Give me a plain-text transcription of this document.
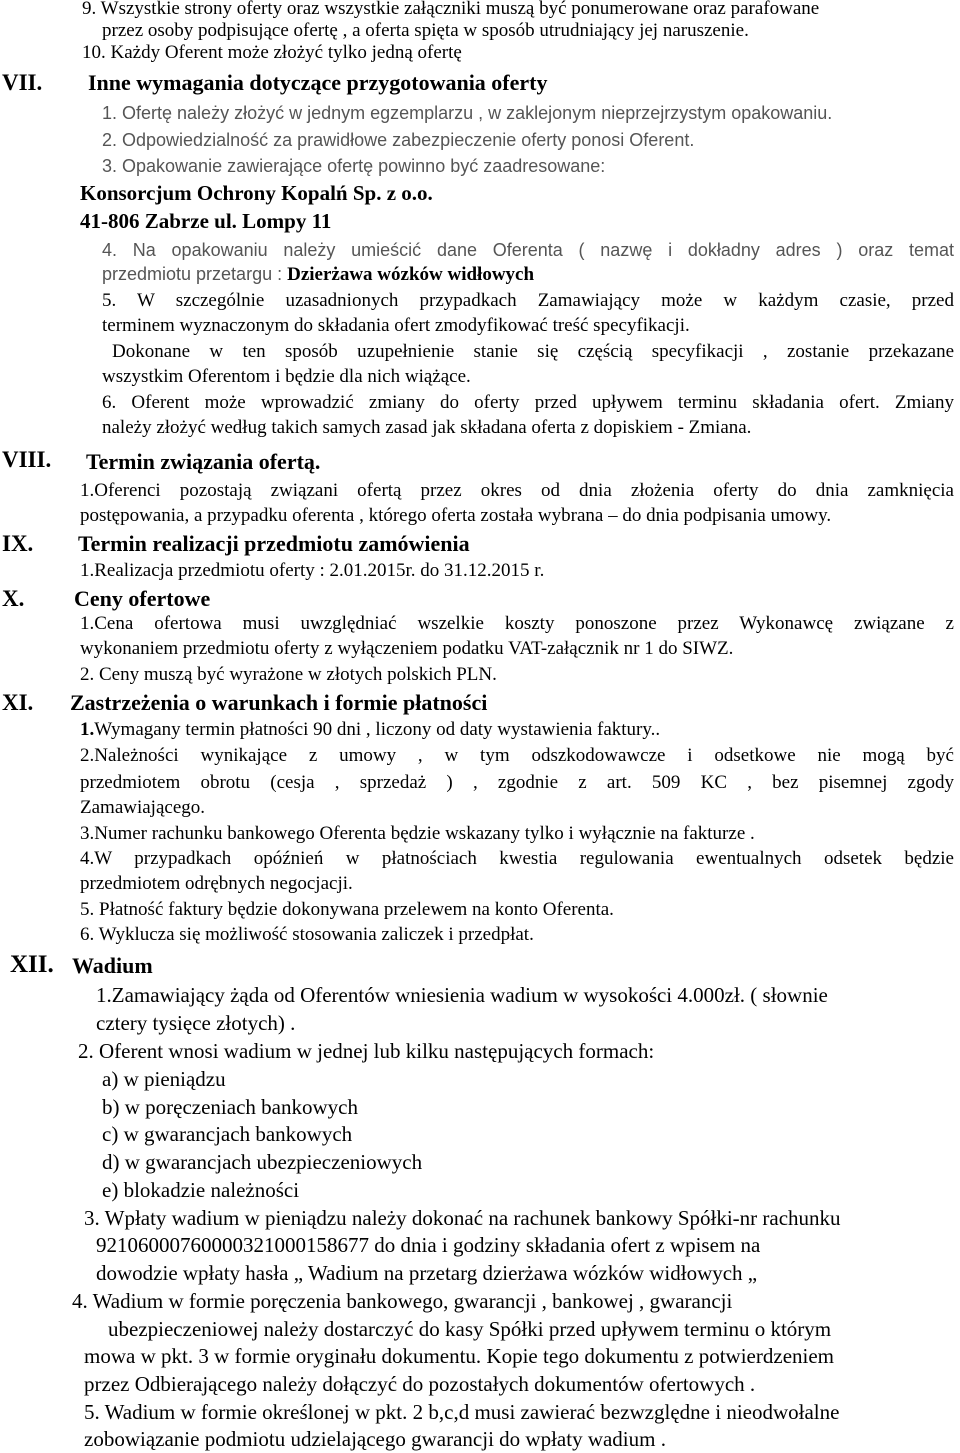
9. Wszystkie strony oferty oraz wszystkie załączniki muszą być ponumerowane oraz parafowane
przez osoby podpisujące ofertę , a oferta spięta w sposób utrudniający jej naruszenie.
10. Każdy Oferent może złożyć tylko jedną ofertę
VII. Inne wymagania dotyczące przygotowania oferty
1. Ofertę należy złożyć w jednym egzemplarzu , w zaklejonym nieprzejrzystym opakowaniu.
2. Odpowiedzialność za prawidłowe zabezpieczenie oferty ponosi Oferent.
3. Opakowanie zawierające ofertę powinno być zaadresowane:
Konsorcjum Ochrony Kopalń Sp. z o.o.
41-806 Zabrze ul. Lompy 11
4. Na opakowaniu należy umieścić dane Oferenta ( nazwę i dokładny adres ) oraz temat
przedmiotu przetargu : Dzierżawa wózków widłowych
5. W szczególnie uzasadnionych przypadkach Zamawiający może w każdym czasie, przed
terminem wyznaczonym do składania ofert zmodyfikować treść specyfikacji.
Dokonane w ten sposób uzupełnienie stanie się częścią specyfikacji , zostanie przekazane
wszystkim Oferentom i będzie dla nich wiążące.
6. Oferent może wprowadzić zmiany do oferty przed upływem terminu składania ofert. Zmiany
należy złożyć według takich samych zasad jak składana oferta z dopiskiem - Zmiana.
VIII. Termin związania ofertą.
1.Oferenci pozostają związani ofertą przez okres od dnia złożenia oferty do dnia zamknięcia
postępowania, a przypadku oferenta , którego oferta została wybrana – do dnia podpisania umowy.
IX. Termin realizacji przedmiotu zamówienia
1.Realizacja przedmiotu oferty : 2.01.2015r. do 31.12.2015 r.
X. Ceny ofertowe
1.Cena ofertowa musi uwzględniać wszelkie koszty ponoszone przez Wykonawcę związane z
wykonaniem przedmiotu oferty z wyłączeniem podatku VAT-załącznik nr 1 do SIWZ.
2. Ceny muszą być wyrażone w złotych polskich PLN.
XI. Zastrzeżenia o warunkach i formie płatności
1.Wymagany termin płatności 90 dni , liczony od daty wystawienia faktury..
2.Należności wynikające z umowy , w tym odszkodowawcze i odsetkowe nie mogą być
przedmiotem obrotu (cesja , sprzedaż ) , zgodnie z art. 509 KC , bez pisemnej zgody
Zamawiającego.
3.Numer rachunku bankowego Oferenta będzie wskazany tylko i wyłącznie na fakturze .
4.W przypadkach opóźnień w płatnościach kwestia regulowania ewentualnych odsetek będzie
przedmiotem odrębnych negocjacji.
5. Płatność faktury będzie dokonywana przelewem na konto Oferenta.
6. Wyklucza się możliwość stosowania zaliczek i przedpłat.
XII. Wadium
1.Zamawiający żąda od Oferentów wniesienia wadium w wysokości 4.000zł. ( słownie
cztery tysięce złotych) .
2. Oferent wnosi wadium w jednej lub kilku następujących formach:
a) w pieniądzu
b) w poręczeniach bankowych
c) w gwarancjach bankowych
d) w gwarancjach ubezpieczeniowych
e) blokadzie należności
3. Wpłaty wadium w pieniądzu należy dokonać na rachunek bankowy Spółki-nr rachunku
92106000760000321000158677 do dnia i godziny składania ofert z wpisem na
dowodzie wpłaty hasła „ Wadium na przetarg dzierżawa wózków widłowych „
4. Wadium w formie poręczenia bankowego, gwarancji , bankowej , gwarancji
ubezpieczeniowej należy dostarczyć do kasy Spółki przed upływem terminu o którym
mowa w pkt. 3 w formie oryginału dokumentu. Kopie tego dokumentu z potwierdzeniem
przez Odbierającego należy dołączyć do pozostałych dokumentów ofertowych .
5. Wadium w formie określonej w pkt. 2 b,c,d musi zawierać bezwzględne i nieodwołalne
zobowiązanie podmiotu udzielającego gwarancji do wpłaty wadium .
